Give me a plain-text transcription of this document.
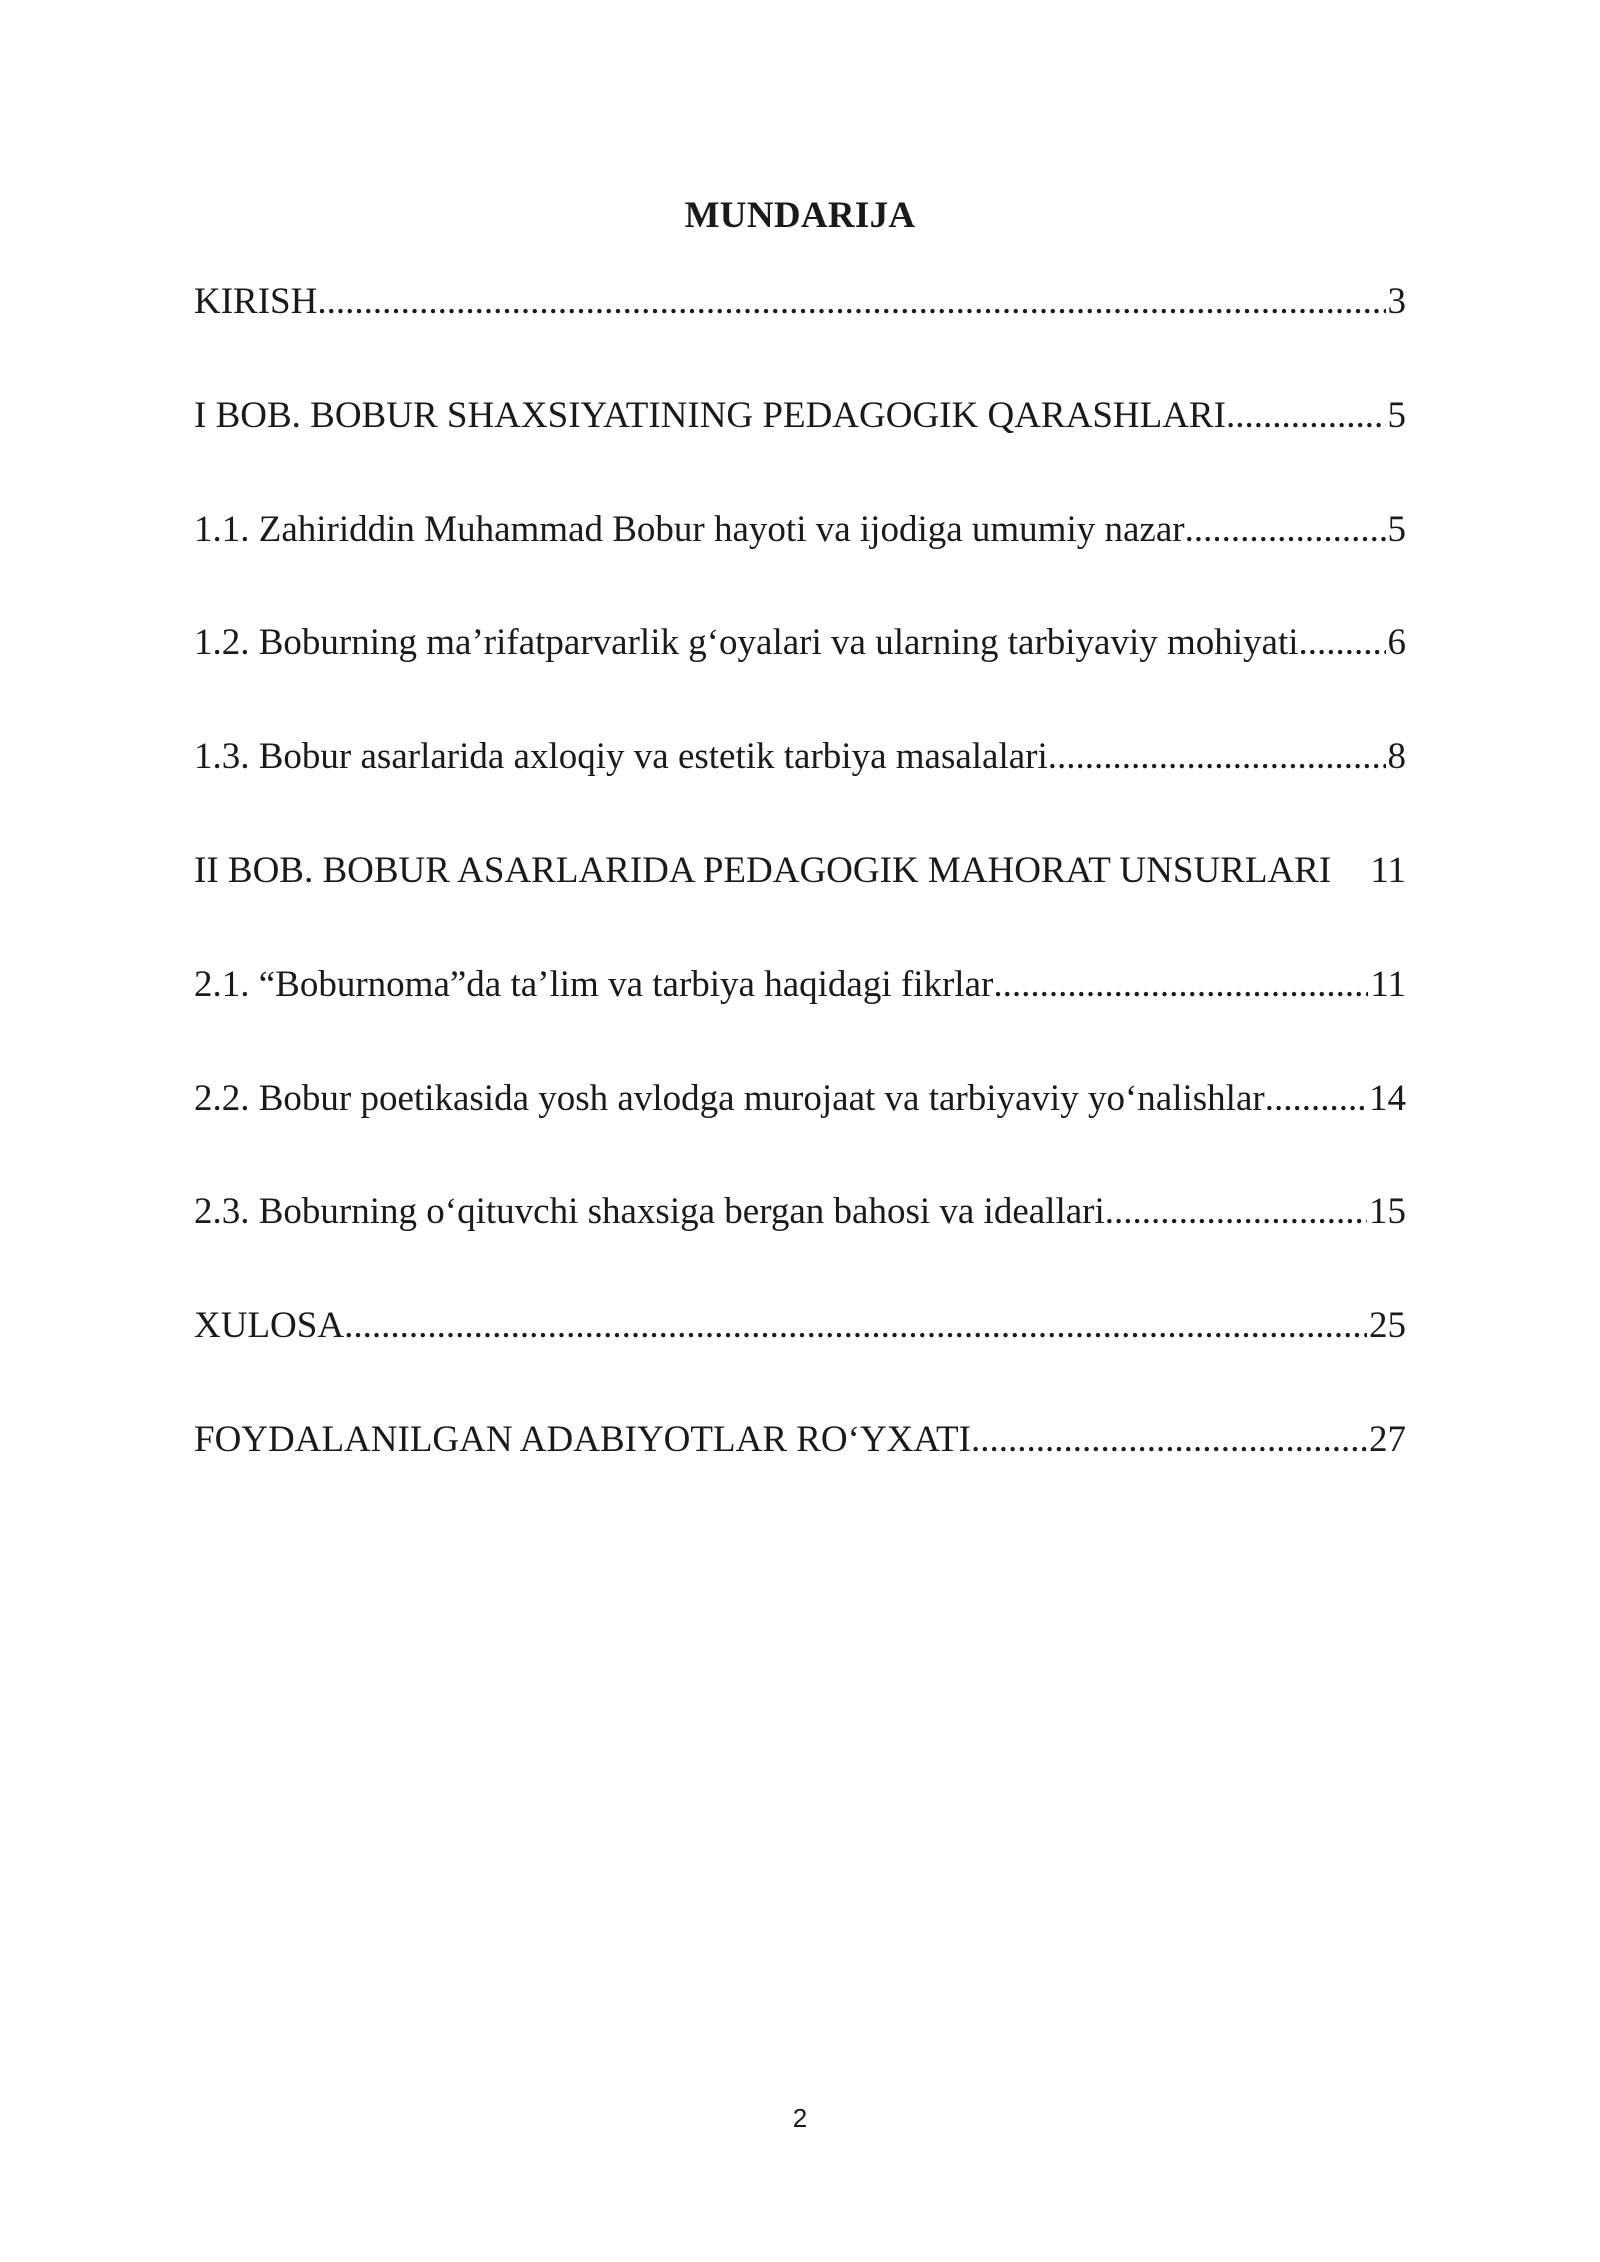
MUNDARIJA
KIRISH .....	3
I BOB. BOBUR SHAXSIYATINING PEDAGOGIK QARASHLARI .....	5
1.1. Zahiriddin Muhammad Bobur hayoti va ijodiga umumiy nazar .....	5
1.2. Boburning ma’rifatparvarlik g‘oyalari va ularning tarbiyaviy mohiyati ..... 6
1.3. Bobur asarlarida axloqiy va estetik tarbiya masalalari .....	8
II BOB. BOBUR ASARLARIDA PEDAGOGIK MAHORAT UNSURLARI 11
2.1. “Boburnoma”da ta’lim va tarbiya haqidagi fikrlar .....	11
2.2. Bobur poetikasida yosh avlodga murojaat va tarbiyaviy yo‘nalishlar .....	14
2.3. Boburning o‘qituvchi shaxsiga bergan bahosi va ideallari .....	15
XULOSA .....	25
FOYDALANILGAN ADABIYOTLAR RO‘YXATI .....	27
2
